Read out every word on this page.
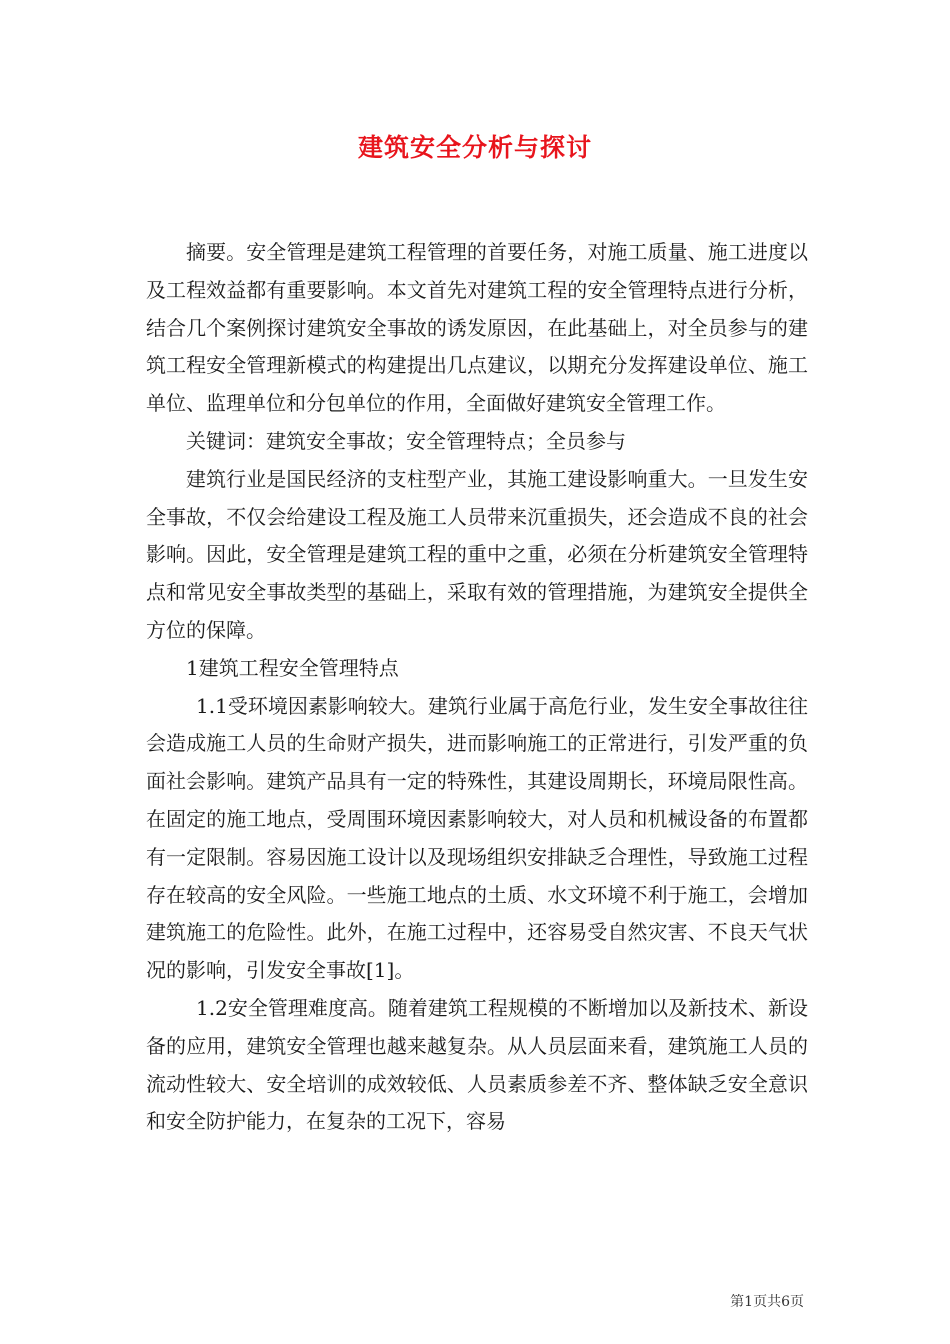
建筑安全分析与探讨

摘要。安全管理是建筑工程管理的首要任务，对施工质量、施工进度以及工程效益都有重要影响。本文首先对建筑工程的安全管理特点进行分析，结合几个案例探讨建筑安全事故的诱发原因，在此基础上，对全员参与的建筑工程安全管理新模式的构建提出几点建议，以期充分发挥建设单位、施工单位、监理单位和分包单位的作用，全面做好建筑安全管理工作。

关键词：建筑安全事故；安全管理特点；全员参与

建筑行业是国民经济的支柱型产业，其施工建设影响重大。一旦发生安全事故，不仅会给建设工程及施工人员带来沉重损失，还会造成不良的社会影响。因此，安全管理是建筑工程的重中之重，必须在分析建筑安全管理特点和常见安全事故类型的基础上，采取有效的管理措施，为建筑安全提供全方位的保障。

1建筑工程安全管理特点

1.1受环境因素影响较大。建筑行业属于高危行业，发生安全事故往往会造成施工人员的生命财产损失，进而影响施工的正常进行，引发严重的负面社会影响。建筑产品具有一定的特殊性，其建设周期长，环境局限性高。在固定的施工地点，受周围环境因素影响较大，对人员和机械设备的布置都有一定限制。容易因施工设计以及现场组织安排缺乏合理性，导致施工过程存在较高的安全风险。一些施工地点的土质、水文环境不利于施工，会增加建筑施工的危险性。此外，在施工过程中，还容易受自然灾害、不良天气状况的影响，引发安全事故[1]。

1.2安全管理难度高。随着建筑工程规模的不断增加以及新技术、新设备的应用，建筑安全管理也越来越复杂。从人员层面来看，建筑施工人员的流动性较大、安全培训的成效较低、人员素质参差不齐、整体缺乏安全意识和安全防护能力，在复杂的工况下，容易

第1页共6页
